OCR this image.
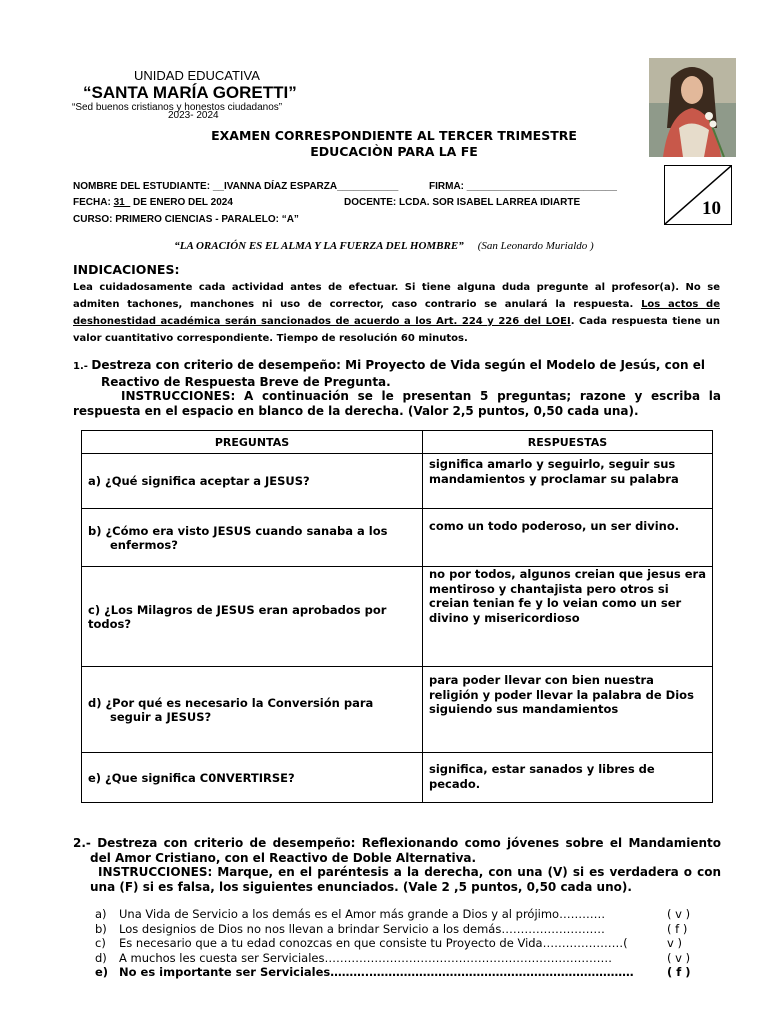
UNIDAD EDUCATIVA
“SANTA MARÍA GORETTI”
“Sed buenos cristianos y honestos ciudadanos”
2023- 2024
EXAMEN CORRESPONDIENTE AL TERCER TRIMESTRE
EDUCACIÒN PARA LA FE
NOMBRE DEL ESTUDIANTE: __IVANNA DÍAZ ESPARZA___________	FIRMA: ___________________________
FECHA: 31_ DE ENERO DEL 2024	DOCENTE: LCDA. SOR ISABEL LARREA IDIARTE
CURSO: PRIMERO CIENCIAS - PARALELO: “A”
10
“LA ORACIÓN ES EL ALMA Y LA FUERZA DEL HOMBRE” (San Leonardo Murialdo )
INDICACIONES:
Lea cuidadosamente cada actividad antes de efectuar. Si tiene alguna duda pregunte al profesor(a). No se admiten tachones, manchones ni uso de corrector, caso contrario se anulará la respuesta. Los actos de deshonestidad académica serán sancionados de acuerdo a los Art. 224 y 226 del LOEI. Cada respuesta tiene un valor cuantitativo correspondiente. Tiempo de resolución 60 minutos.
1.- Destreza con criterio de desempeño: Mi Proyecto de Vida según el Modelo de Jesús, con el Reactivo de Respuesta Breve de Pregunta.
INSTRUCCIONES: A continuación se le presentan 5 preguntas; razone y escriba la respuesta en el espacio en blanco de la derecha. (Valor 2,5 puntos, 0,50 cada una).
PREGUNTAS	RESPUESTAS
a) ¿Qué significa aceptar a JESUS?	significa amarlo y seguirlo, seguir sus mandamientos y proclamar su palabra
b) ¿Cómo era visto JESUS cuando sanaba a los enfermos?	como un todo poderoso, un ser divino.
c) ¿Los Milagros de JESUS eran aprobados por todos?	no por todos, algunos creian que jesus era mentiroso y chantajista pero otros si creian tenian fe y lo veian como un ser divino y misericordioso
d) ¿Por qué es necesario la Conversión para seguir a JESUS?	para poder llevar con bien nuestra religión y poder llevar la palabra de Dios siguiendo sus mandamientos
e) ¿Que significa C0NVERTIRSE?	significa, estar sanados y libres de pecado.
2.- Destreza con criterio de desempeño: Reflexionando como jóvenes sobre el Mandamiento del Amor Cristiano, con el Reactivo de Doble Alternativa.
INSTRUCCIONES: Marque, en el paréntesis a la derecha, con una (V) si es verdadera o con una (F) si es falsa, los siguientes enunciados. (Vale 2 ,5 puntos, 0,50 cada uno).
a)	Una Vida de Servicio a los demás es el Amor más grande a Dios y al prójimo…………	( v )
b)	Los designios de Dios no nos llevan a brindar Servicio a los demás………………………	( f )
c)	Es necesario que a tu edad conozcas en que consiste tu Proyecto de Vida…………………(	v )
d)	A muchos les cuesta ser Serviciales…………………………………………………………………	( v )
e) No es importante ser Serviciales……….……………………………………………………………	( f )
